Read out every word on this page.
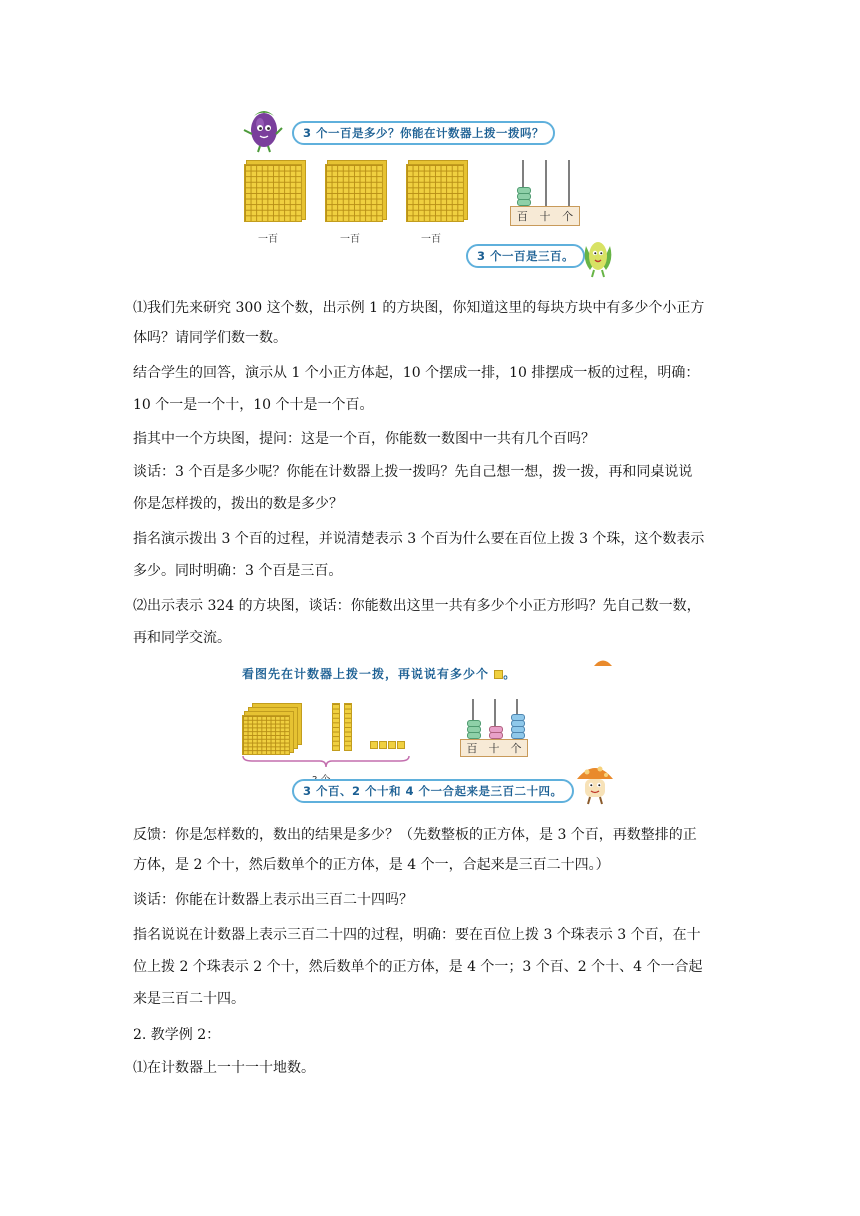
3 个一百是多少？你能在计数器上拨一拨吗？
一百	一百	一百
百 十 个
3 个一百是三百。
⑴我们先来研究 300 这个数，出示例 1 的方块图，你知道这里的每块方块中有多少个小正方
体吗？请同学们数一数。
结合学生的回答，演示从 1 个小正方体起，10 个摆成一排，10 排摆成一板的过程，明确：
10 个一是一个十，10 个十是一个百。
指其中一个方块图，提问：这是一个百，你能数一数图中一共有几个百吗？
谈话：3 个百是多少呢？你能在计数器上拨一拨吗？先自己想一想，拨一拨，再和同桌说说
你是怎样拨的，拨出的数是多少？
指名演示拨出 3 个百的过程，并说清楚表示 3 个百为什么要在百位上拨 3 个珠，这个数表示
多少。同时明确：3 个百是三百。
⑵出示表示 324 的方块图，谈话：你能数出这里一共有多少个小正方形吗？先自己数一数，
再和同学交流。
看图先在计数器上拨一拨，再说说有多少个 。
百 十 个
3 个百、2 个十和 4 个一合起来是三百二十四。
反馈：你是怎样数的，数出的结果是多少？（先数整板的正方体，是 3 个百，再数整排的正
方体，是 2 个十，然后数单个的正方体，是 4 个一，合起来是三百二十四。）
谈话：你能在计数器上表示出三百二十四吗？
指名说说在计数器上表示三百二十四的过程，明确：要在百位上拨 3 个珠表示 3 个百，在十
位上拨 2 个珠表示 2 个十，然后数单个的正方体，是 4 个一；3 个百、2 个十、4 个一合起
来是三百二十四。
2. 教学例 2：
⑴在计数器上一十一十地数。
